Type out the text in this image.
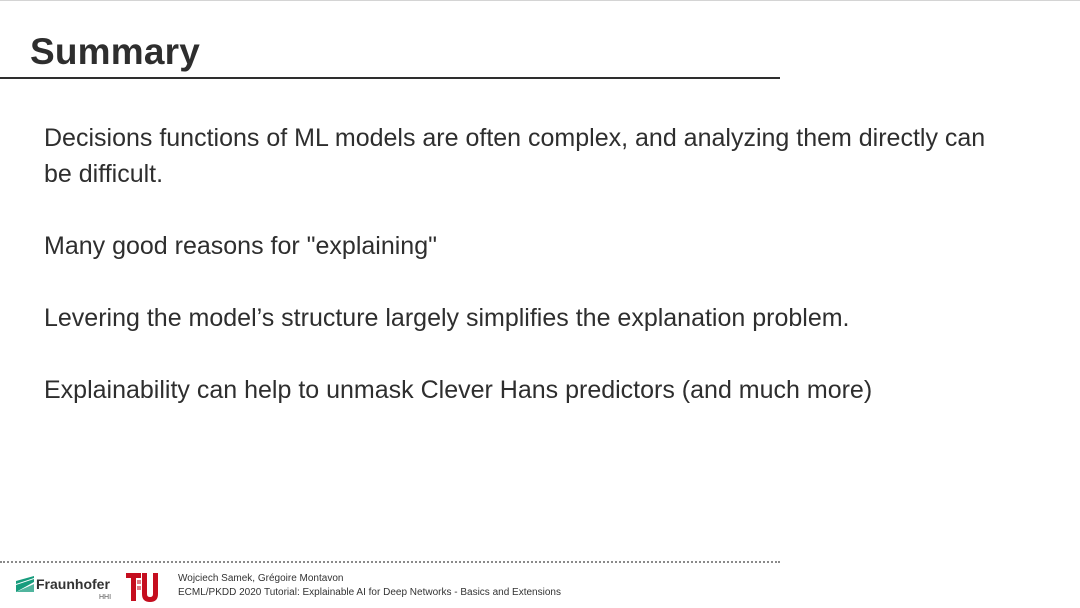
Summary

Decisions functions of ML models are often complex, and analyzing them directly can be difficult.

Many good reasons for "explaining"

Levering the model’s structure largely simplifies the explanation problem.

Explainability can help to unmask Clever Hans predictors (and much more)

Fraunhofer
HHI
Wojciech Samek, Grégoire Montavon
ECML/PKDD 2020 Tutorial: Explainable AI for Deep Networks - Basics and Extensions
